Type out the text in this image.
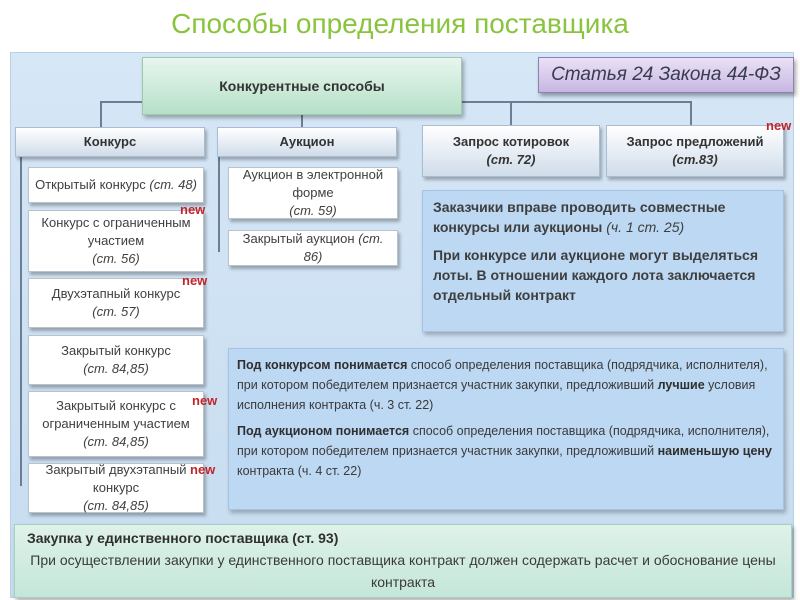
Способы определения поставщика
Конкурентные способы
Статья 24 Закона 44-ФЗ
Конкурс
Открытый конкурс (ст. 48)
Конкурс с ограниченным участием
(ст. 56)
Двухэтапный конкурс
(ст. 57)
Закрытый конкурс
(ст. 84,85)
Закрытый конкурс с ограниченным участием
(ст. 84,85)
Закрытый двухэтапный конкурс
(ст. 84,85)
new
new
new
new
Аукцион
Аукцион в электронной форме
(ст. 59)
Закрытый аукцион (ст. 86)
Запрос котировок
(ст. 72)
Запрос предложений
(ст.83)
new

Заказчики вправе проводить совместные конкурсы или аукционы (ч. 1 ст. 25)

При конкурсе или аукционе могут выделяться лоты. В отношении каждого лота заключается отдельный контракт

Под конкурсом понимается способ определения поставщика (подрядчика, исполнителя), при котором победителем признается участник закупки, предложивший лучшие условия исполнения контракта (ч. 3 ст. 22)

Под аукционом понимается способ определения поставщика (подрядчика, исполнителя), при котором победителем признается участник закупки, предложивший наименьшую цену контракта (ч. 4 ст. 22)

Закупка у единственного поставщика (ст. 93)
При осуществлении закупки у единственного поставщика контракт должен содержать расчет и обоснование цены контракта
